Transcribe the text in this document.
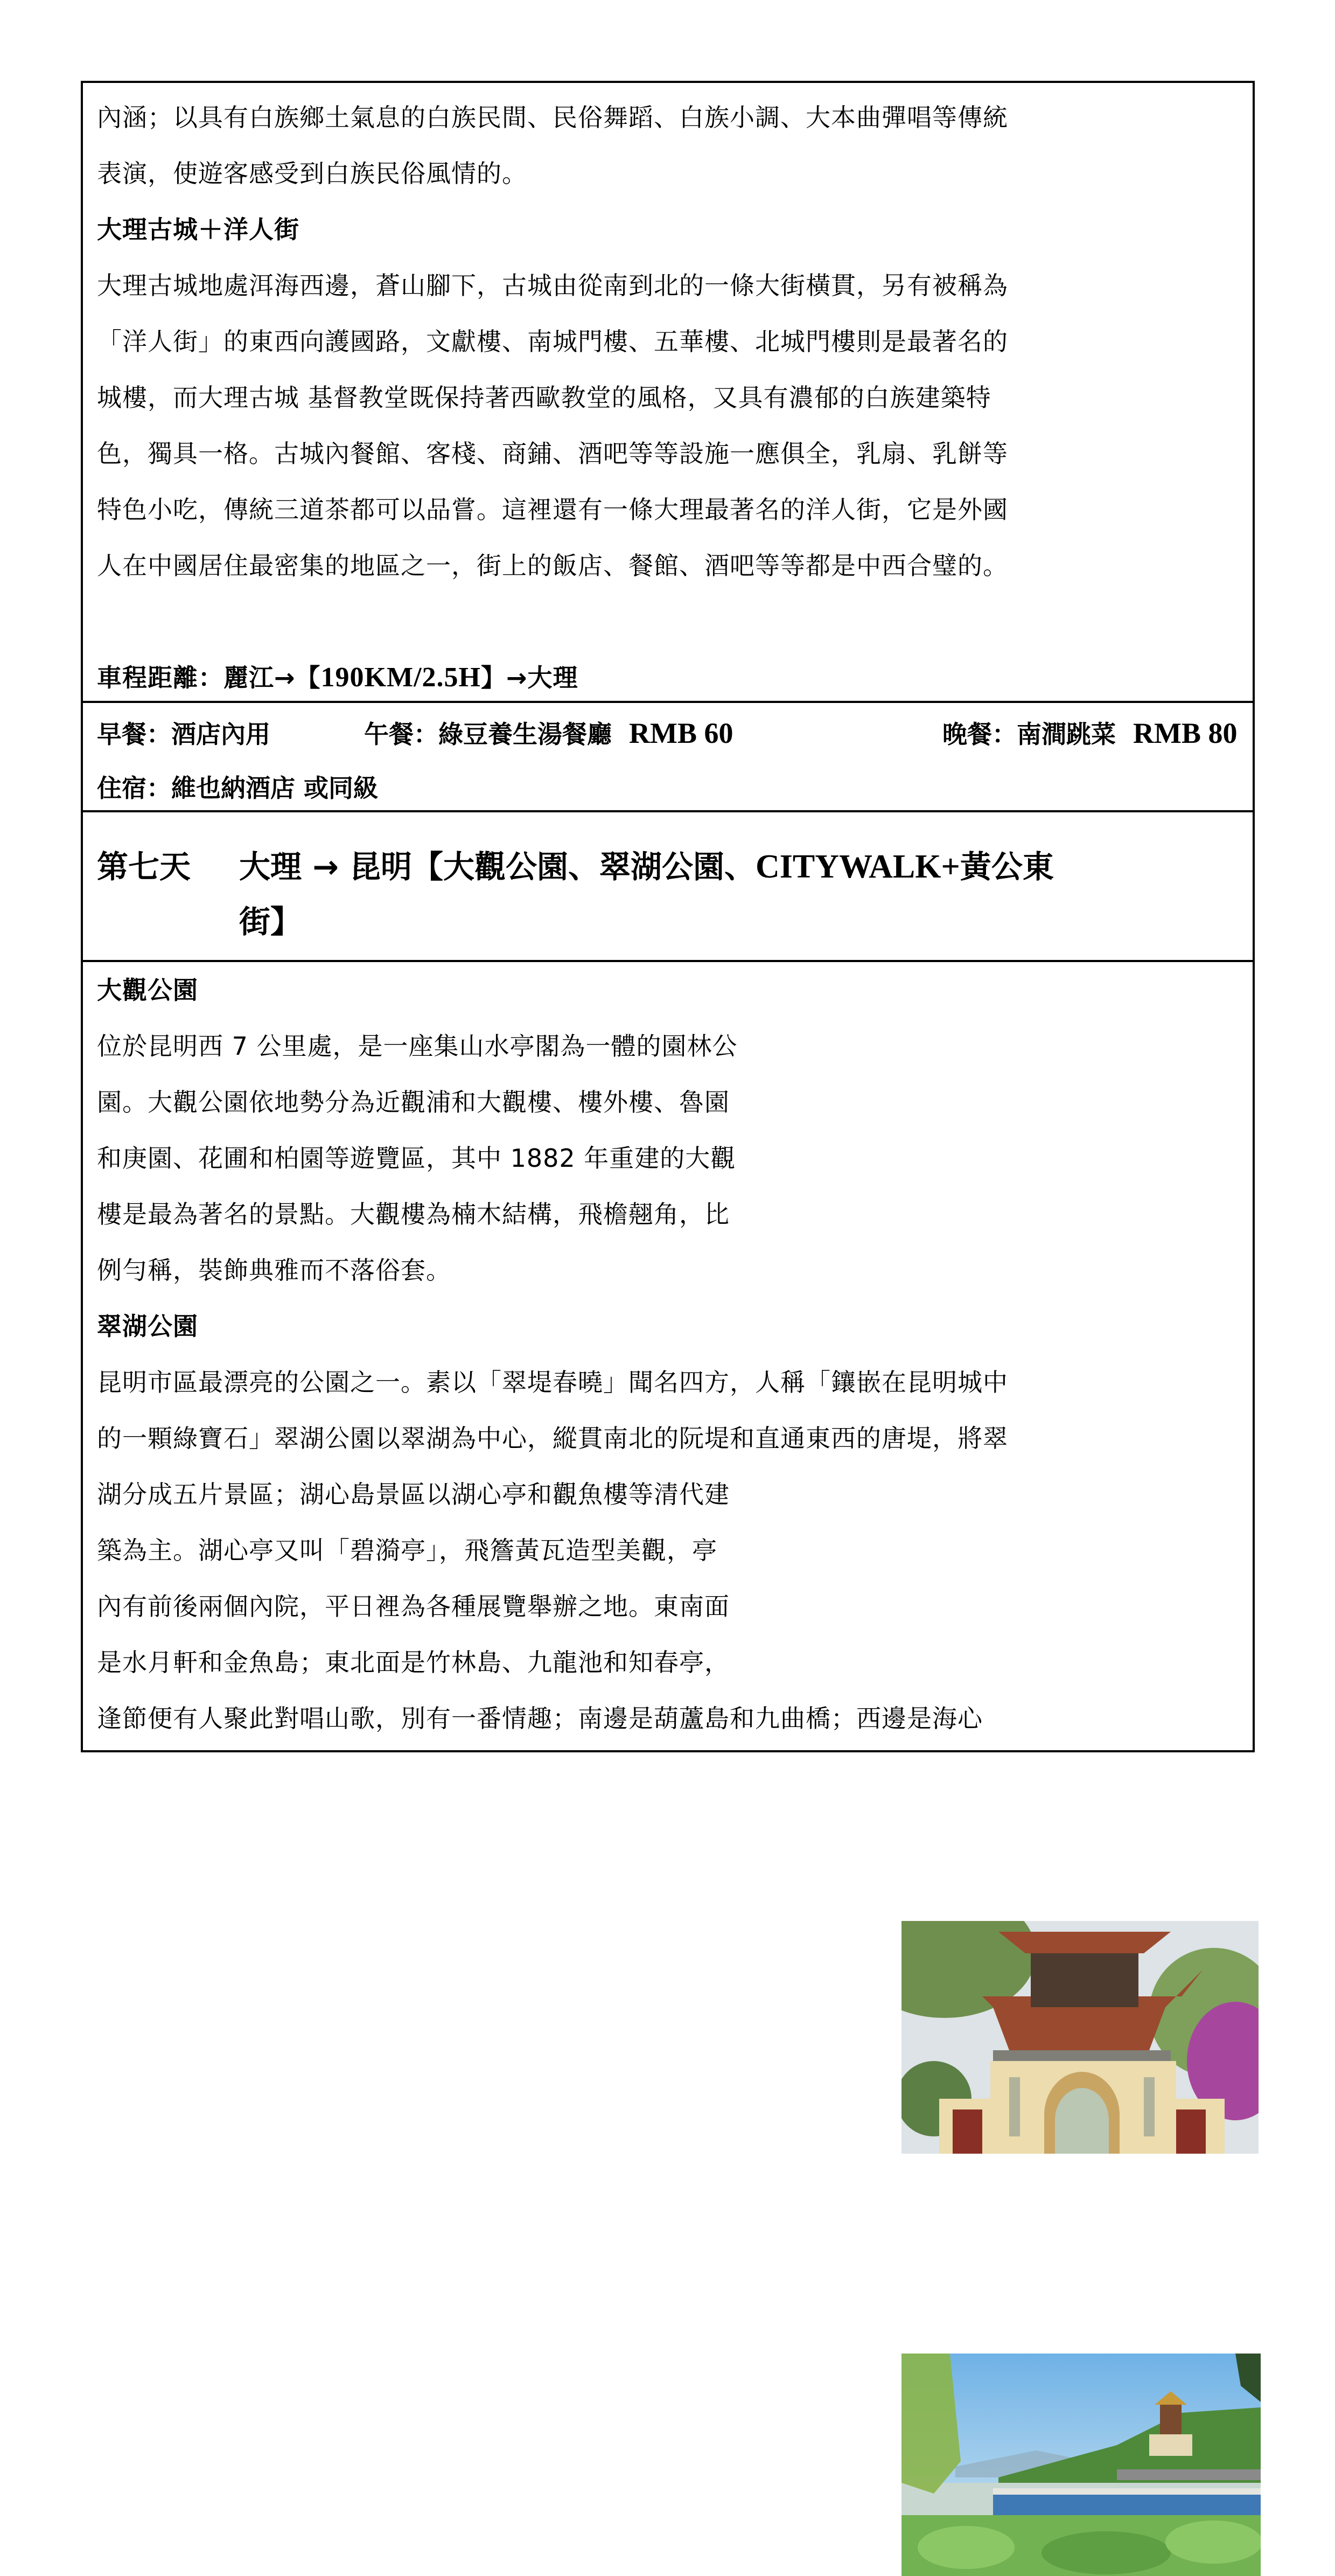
內涵；以具有白族鄉土氣息的白族民間、民俗舞蹈、白族小調、大本曲彈唱等傳統
表演，使遊客感受到白族民俗風情的。
大理古城＋洋人街
大理古城地處洱海西邊，蒼山腳下，古城由從南到北的一條大街橫貫，另有被稱為
「洋人街」的東西向護國路，文獻樓、南城門樓、五華樓、北城門樓則是最著名的
城樓，而大理古城 基督教堂既保持著西歐教堂的風格，又具有濃郁的白族建築特
色，獨具一格。古城內餐館、客棧、商鋪、酒吧等等設施一應俱全，乳扇、乳餅等
特色小吃，傳統三道茶都可以品嘗。這裡還有一條大理最著名的洋人街，它是外國
人在中國居住最密集的地區之一，街上的飯店、餐館、酒吧等等都是中西合璧的。
車程距離：麗江→【190KM/2.5H】→大理
早餐：酒店內用	午餐：綠豆養生湯餐廳 RMB 60	晚餐：南澗跳菜 RMB 80
住宿：維也納酒店 或同級
第七天 大理 → 昆明【大觀公園、翠湖公園、CITYWALK+黃公東
街】
大觀公園
位於昆明西 7 公里處，是一座集山水亭閣為一體的園林公
園。大觀公園依地勢分為近觀浦和大觀樓、樓外樓、魯園
和庚園、花圃和柏園等遊覽區，其中 1882 年重建的大觀
樓是最為著名的景點。大觀樓為楠木結構，飛檐翹角，比
例勻稱，裝飾典雅而不落俗套。
翠湖公園
昆明市區最漂亮的公園之一。素以「翠堤春曉」聞名四方，人稱「鑲嵌在昆明城中
的一顆綠寶石」翠湖公園以翠湖為中心，縱貫南北的阮堤和直通東西的唐堤，將翠
湖分成五片景區；湖心島景區以湖心亭和觀魚樓等清代建
築為主。湖心亭又叫「碧漪亭」，飛簷黃瓦造型美觀，亭
內有前後兩個內院，平日裡為各種展覽舉辦之地。東南面
是水月軒和金魚島；東北面是竹林島、九龍池和知春亭，
逢節便有人聚此對唱山歌，別有一番情趣；南邊是葫蘆島和九曲橋；西邊是海心
